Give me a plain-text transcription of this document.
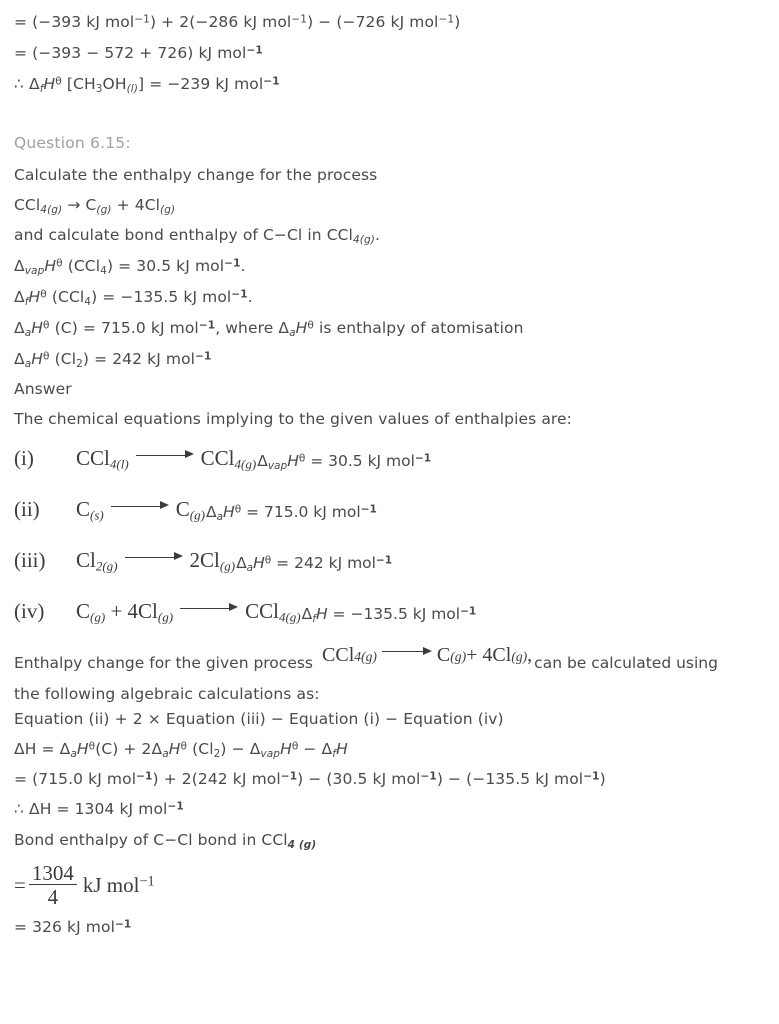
= (−393 kJ mol$^{-1}$) + 2(−286 kJ mol$^{-1}$) − (−726 kJ mol$^{-1}$)
= (−393 − 572 + 726) kJ mol$^{-1}$
∴ $\Delta_fH^\theta$ $[CH_3OH_{(l)}] = -239$ kJ mol$^{-1}$
Question 6.15:
Calculate the enthalpy change for the process
$CCl_{4(g)} \to C_{(g)} + 4Cl_{(g)}$
and calculate bond enthalpy of C−Cl in CCl$_{4(g)}$.
$\Delta_{vap}H^\theta$ (CCl$_4$) = 30.5 kJ mol$^{-1}$.
$\Delta_fH^\theta$ (CCl$_4$) = −135.5 kJ mol$^{-1}$.
$\Delta_aH^\theta$ (C) = 715.0 kJ mol$^{-1}$, where $\Delta_aH^\theta$ is enthalpy of atomisation
$\Delta_aH^\theta$ $(Cl_2) = 242$ kJ mol$^{-1}$
Answer
The chemical equations implying to the given values of enthalpies are:
(i)	CCl$_{4(l)}$	CCl$_{4(g)}$ $\Delta_{vap}H^\theta = 30.5$ kJ mol$^{-1}$
(ii)	$C_{(s)}$	$C_{(g)}$ $\Delta_aH^\theta = 715.0$ kJ mol$^{-1}$
(iii)	$Cl_{2(g)}$	$2Cl_{(g)}$ $\Delta_aH^\theta = 242$ kJ mol$^{-1}$
(iv)	$C_{(g)} + 4Cl_{(g)}$	CCl$_{4(g)}$ $\Delta_fH = -135.5$ kJ mol$^{-1}$
Enthalpy change for the given process CCl 4(g)	C (g) + 4Cl (g) , can be calculated using
the following algebraic calculations as:
Equation (ii) + 2 × Equation (iii) − Equation (i) − Equation (iv)
$\Delta H = \Delta_aH^\theta(C) + 2\Delta_aH^\theta$ $(Cl_2) - \Delta_{vap}H^\theta - \Delta_fH$
= (715.0 kJ mol$^{-1}$) + 2(242 kJ mol$^{-1}$) − (30.5 kJ mol$^{-1}$) − (−135.5 kJ mol$^{-1}$)
∴ ΔH = 1304 kJ mol$^{-1}$
Bond enthalpy of C−Cl bond in CCl$_{4 (g)}$
= $\frac{1304}{4}$ kJ mol$^{-1}$
= 326 kJ mol$^{-1}$
